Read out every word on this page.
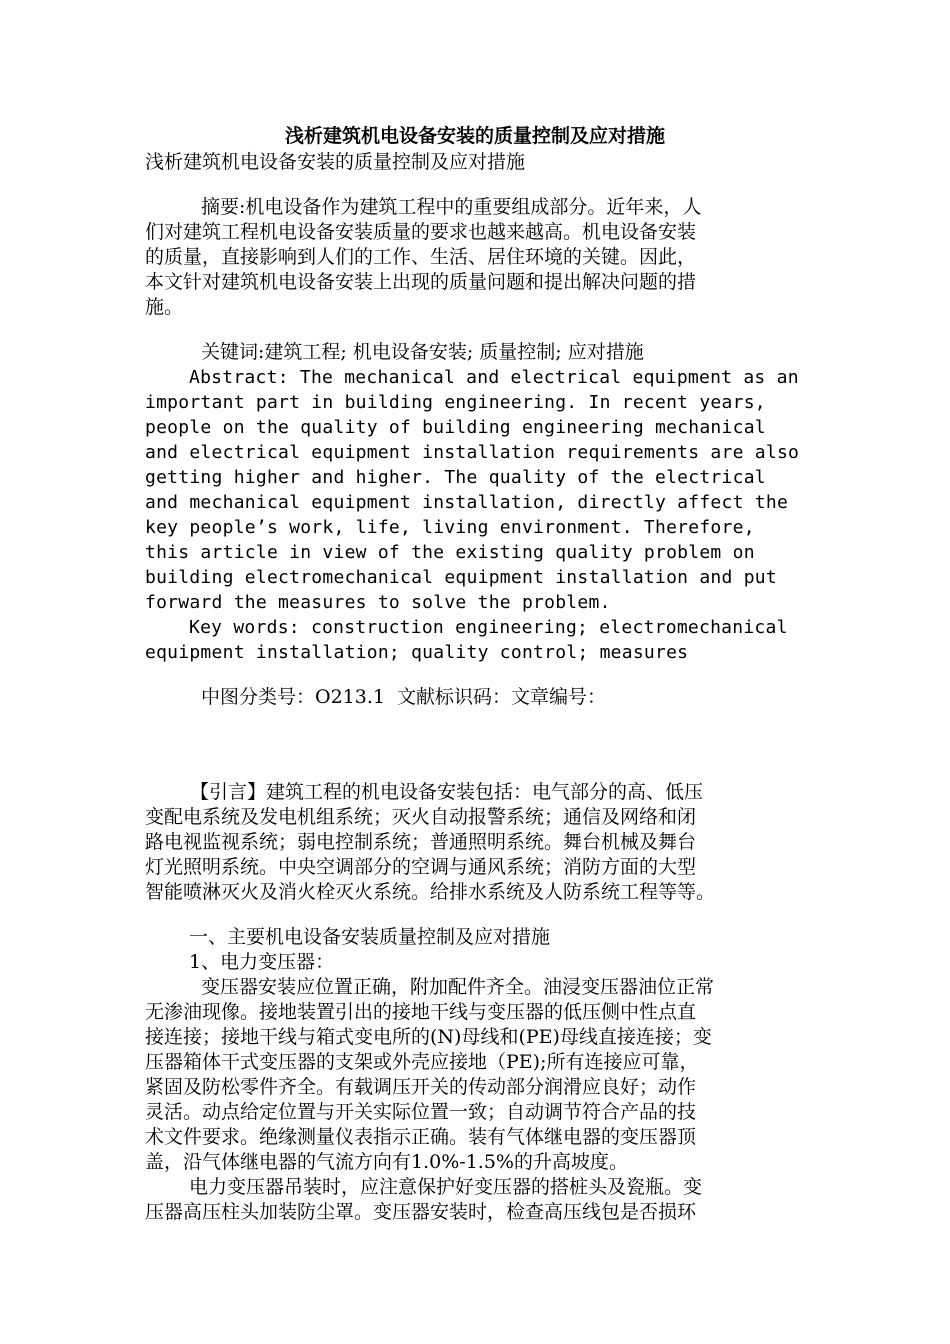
浅析建筑机电设备安装的质量控制及应对措施
浅析建筑机电设备安装的质量控制及应对措施
摘要:机电设备作为建筑工程中的重要组成部分。近年来，人
们对建筑工程机电设备安装质量的要求也越来越高。机电设备安装
的质量，直接影响到人们的工作、生活、居住环境的关键。因此，
本文针对建筑机电设备安装上出现的质量问题和提出解决问题的措
施。
关键词:建筑工程; 机电设备安装; 质量控制; 应对措施
Abstract: The mechanical and electrical equipment as an
important part in building engineering. In recent years,
people on the quality of building engineering mechanical
and electrical equipment installation requirements are also
getting higher and higher. The quality of the electrical
and mechanical equipment installation, directly affect the
key people’s work, life, living environment. Therefore,
this article in view of the existing quality problem on
building electromechanical equipment installation and put
forward the measures to solve the problem.
Key words: construction engineering; electromechanical
equipment installation; quality control; measures
中图分类号：O213.1  文献标识码：文章编号：
【引言】建筑工程的机电设备安装包括：电气部分的高、低压
变配电系统及发电机组系统；灭火自动报警系统；通信及网络和闭
路电视监视系统；弱电控制系统；普通照明系统。舞台机械及舞台
灯光照明系统。中央空调部分的空调与通风系统；消防方面的大型
智能喷淋灭火及消火栓灭火系统。给排水系统及人防系统工程等等。
一、主要机电设备安装质量控制及应对措施
1、电力变压器：
变压器安装应位置正确，附加配件齐全。油浸变压器油位正常
无渗油现像。接地装置引出的接地干线与变压器的低压侧中性点直
接连接；接地干线与箱式变电所的(N)母线和(PE)母线直接连接；变
压器箱体干式变压器的支架或外壳应接地（PE);所有连接应可靠，
紧固及防松零件齐全。有载调压开关的传动部分润滑应良好；动作
灵活。动点给定位置与开关实际位置一致；自动调节符合产品的技
术文件要求。绝缘测量仪表指示正确。装有气体继电器的变压器顶
盖，沿气体继电器的气流方向有1.0%-1.5%的升高坡度。
电力变压器吊装时，应注意保护好变压器的搭桩头及瓷瓶。变
压器高压柱头加装防尘罩。变压器安装时，检查高压线包是否损环
